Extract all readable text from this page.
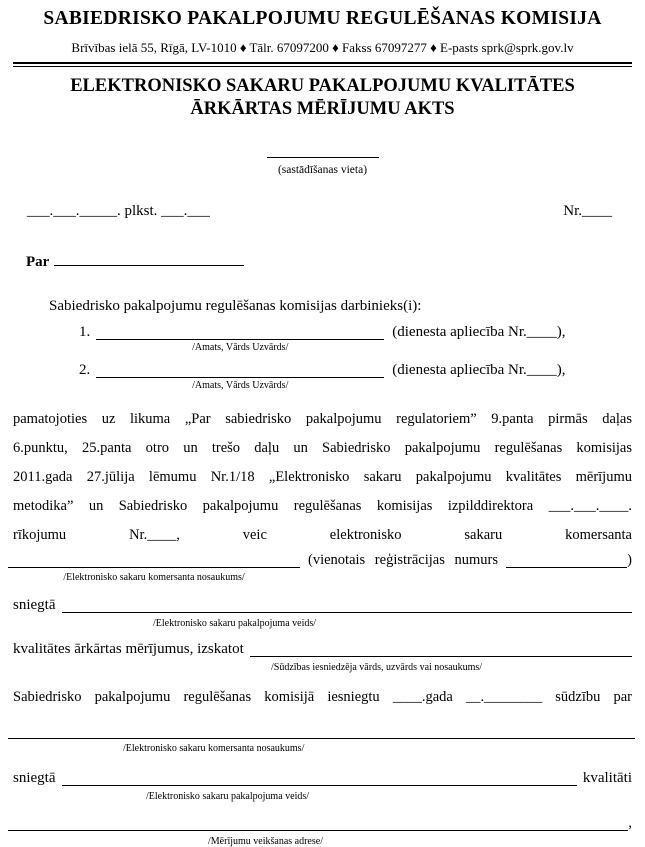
SABIEDRISKO PAKALPOJUMU REGULĒŠANAS KOMISIJA
Brīvības ielā 55, Rīgā, LV-1010 ♦ Tālr. 67097200 ♦ Fakss 67097277 ♦ E-pasts sprk@sprk.gov.lv
ELEKTRONISKO SAKARU PAKALPOJUMU KVALITĀTES
ĀRKĀRTAS MĒRĪJUMU AKTS
(sastādīšanas vieta)
___.___._____. plkst. ___.___	Nr.____
Par
Sabiedrisko pakalpojumu regulēšanas komisijas darbinieks(i):
1.
/Amats, Vārds Uzvārds/
(dienesta apliecība Nr.____),
2.
/Amats, Vārds Uzvārds/
(dienesta apliecība Nr.____),
pamatojoties uz likuma „Par sabiedrisko pakalpojumu regulatoriem” 9.panta pirmās daļas
6.punktu, 25.panta otro un trešo daļu un Sabiedrisko pakalpojumu regulēšanas komisijas
2011.gada 27.jūlija lēmumu Nr.1/18 „Elektronisko sakaru pakalpojumu kvalitātes mērījumu
metodika” un Sabiedrisko pakalpojumu regulēšanas komisijas izpilddirektora ___.___.____.
rīkojumu Nr.____, veic elektronisko sakaru komersanta
/Elektronisko sakaru komersanta nosaukums/
(vienotais reģistrācijas numurs	)
sniegtā
/Elektronisko sakaru pakalpojuma veids/
kvalitātes ārkārtas mērījumus, izskatot
/Sūdzības iesniedzēja vārds, uzvārds vai nosaukums/
Sabiedrisko pakalpojumu regulēšanas komisijā iesniegtu ____.gada __.________ sūdzību par
/Elektronisko sakaru komersanta nosaukums/
sniegtā	kvalitāti
/Elektronisko sakaru pakalpojuma veids/
,
/Mērījumu veikšanas adrese/
